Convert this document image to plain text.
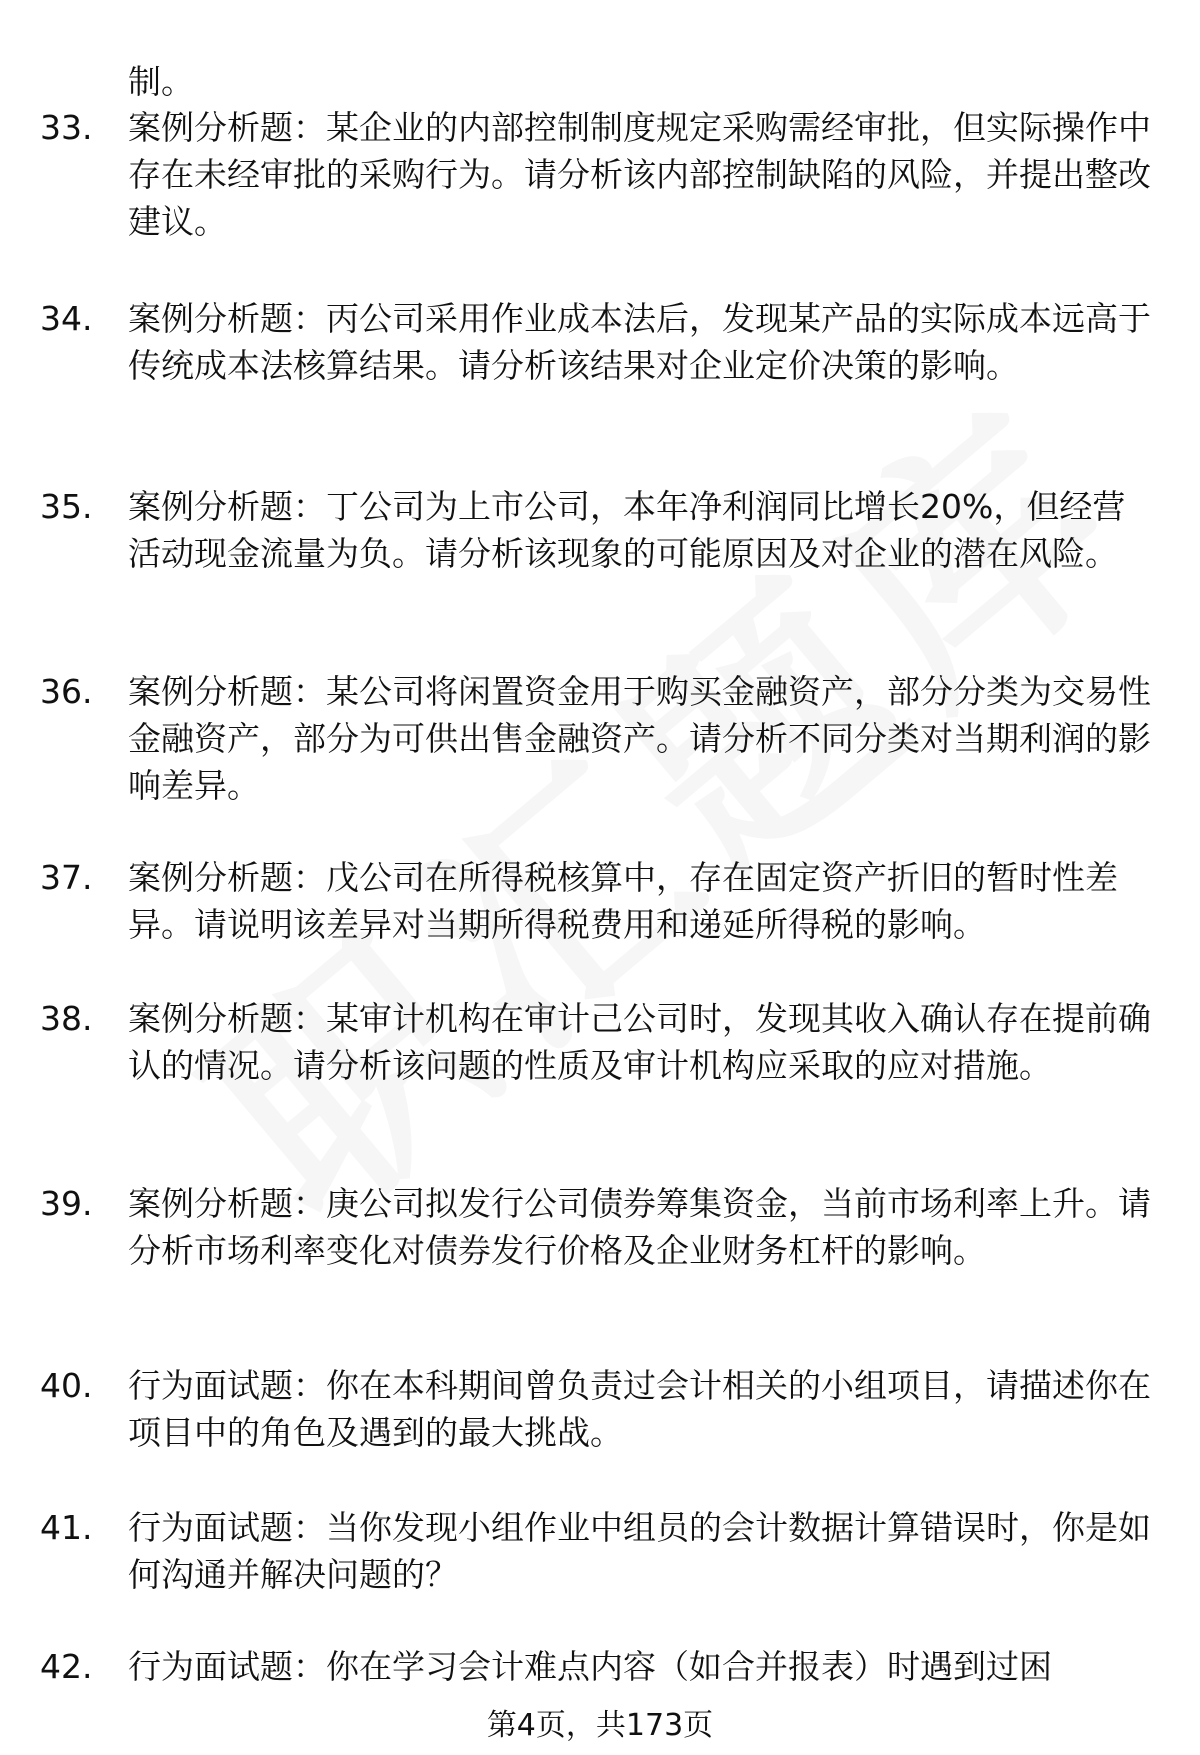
制。

33.	案例分析题：某企业的内部控制制度规定采购需经审批，但实际操作中存在未经审批的采购行为。请分析该内部控制缺陷的风险，并提出整改建议。
34.	案例分析题：丙公司采用作业成本法后，发现某产品的实际成本远高于传统成本法核算结果。请分析该结果对企业定价决策的影响。
35.	案例分析题：丁公司为上市公司，本年净利润同比增长20%，但经营活动现金流量为负。请分析该现象的可能原因及对企业的潜在风险。
36.	案例分析题：某公司将闲置资金用于购买金融资产，部分分类为交易性金融资产，部分为可供出售金融资产。请分析不同分类对当期利润的影响差异。
37.	案例分析题：戊公司在所得税核算中，存在固定资产折旧的暂时性差异。请说明该差异对当期所得税费用和递延所得税的影响。
38.	案例分析题：某审计机构在审计己公司时，发现其收入确认存在提前确认的情况。请分析该问题的性质及审计机构应采取的应对措施。
39.	案例分析题：庚公司拟发行公司债券筹集资金，当前市场利率上升。请分析市场利率变化对债券发行价格及企业财务杠杆的影响。
40.	行为面试题：你在本科期间曾负责过会计相关的小组项目，请描述你在项目中的角色及遇到的最大挑战。
41.	行为面试题：当你发现小组作业中组员的会计数据计算错误时，你是如何沟通并解决问题的？
42.	行为面试题：你在学习会计难点内容（如合并报表）时遇到过困
第4页，共173页
